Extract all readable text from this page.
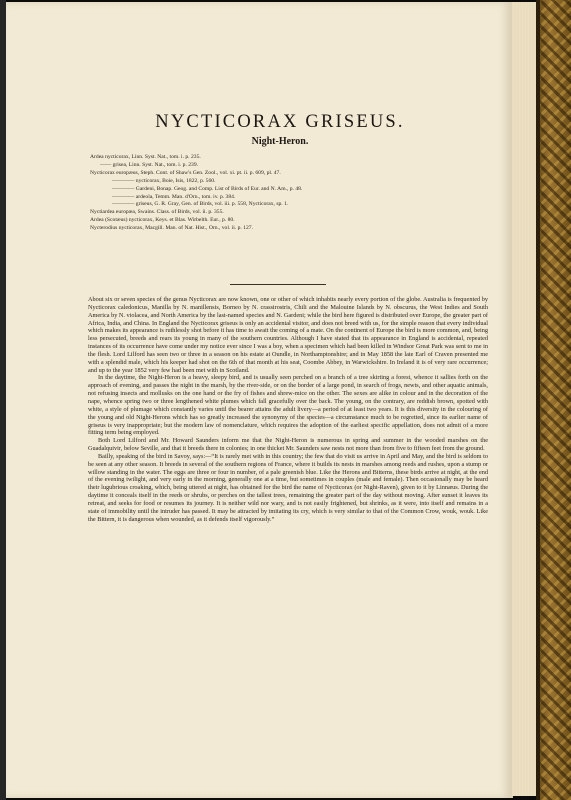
NYCTICORAX GRISEUS.
Night-Heron.
Ardea nycticorax, Linn. Syst. Nat., tom. i. p. 235.
—— grisea, Linn. Syst. Nat., tom. i. p. 239.
Nycticorax europæus, Steph. Cont. of Shaw's Gen. Zool., vol. xi. pt. ii. p. 609, pl. 47.
———— nycticorax, Boie, Isis, 1822, p. 560.
———— Gardeni, Bonap. Geog. and Comp. List of Birds of Eur. and N. Am., p. 48.
———— ardeola, Temm. Man. d'Orn., tom. iv. p. 384.
———— griseus, G. R. Gray, Gen. of Birds, vol. iii. p. 558, Nycticorax, sp. 1.
Nyctiardea europæa, Swains. Class. of Birds, vol. ii. p. 355.
Ardea (Scotæus) nycticorax, Keys. et Blas. Wirbelth. Eur., p. 80.
Nycterodius nycticorax, Macgill. Man. of Nat. Hist., Orn., vol. ii. p. 127.

About six or seven species of the genus Nycticorax are now known, one or other of which inhabits nearly every portion of the globe. Australia is frequented by Nycticorax caledonicus, Manilla by N. manillensis, Borneo by N. crassirostris, Chili and the Malouine Islands by N. obscurus, the West Indies and South America by N. violacea, and North America by the last-named species and N. Gardeni; while the bird here figured is distributed over Europe, the greater part of Africa, India, and China. In England the Nycticorax griseus is only an accidental visitor, and does not breed with us, for the simple reason that every individual which makes its appearance is ruthlessly shot before it has time to await the coming of a mate. On the continent of Europe the bird is more common, and, being less persecuted, breeds and rears its young in many of the southern countries. Although I have stated that its appearance in England is accidental, repeated instances of its occurrence have come under my notice ever since I was a boy, when a specimen which had been killed in Windsor Great Park was sent to me in the flesh. Lord Lilford has seen two or three in a season on his estate at Oundle, in Northamptonshire; and in May 1858 the late Earl of Craven presented me with a splendid male, which his keeper had shot on the 6th of that month at his seat, Coombe Abbey, in Warwickshire. In Ireland it is of very rare occurrence; and up to the year 1852 very few had been met with in Scotland.

In the daytime, the Night-Heron is a heavy, sleepy bird, and is usually seen perched on a branch of a tree skirting a forest, whence it sallies forth on the approach of evening, and passes the night in the marsh, by the river-side, or on the border of a large pond, in search of frogs, newts, and other aquatic animals, not refusing insects and mollusks on the one hand or the fry of fishes and shrew-mice on the other. The sexes are alike in colour and in the decoration of the nape, whence spring two or three lengthened white plumes which fall gracefully over the back. The young, on the contrary, are reddish brown, spotted with white, a style of plumage which constantly varies until the bearer attains the adult livery—a period of at least two years. It is this diversity in the colouring of the young and old Night-Herons which has so greatly increased the synonymy of the species—a circumstance much to be regretted, since its earlier name of griseus is very inappropriate; but the modern law of nomenclature, which requires the adoption of the earliest specific appellation, does not admit of a more fitting term being employed.

Both Lord Lilford and Mr. Howard Saunders inform me that the Night-Heron is numerous in spring and summer in the wooded marshes on the Guadalquivir, below Seville, and that it breeds there in colonies; in one thicket Mr. Saunders saw nests not more than from five to fifteen feet from the ground.

Bailly, speaking of the bird in Savoy, says:—“It is rarely met with in this country; the few that do visit us arrive in April and May, and the bird is seldom to be seen at any other season. It breeds in several of the southern regions of France, where it builds its nests in marshes among reeds and rushes, upon a stump or willow standing in the water. The eggs are three or four in number, of a pale greenish blue. Like the Herons and Bitterns, these birds arrive at night, at the end of the evening twilight, and very early in the morning, generally one at a time, but sometimes in couples (male and female). Then occasionally may be heard their lugubrious croaking, which, being uttered at night, has obtained for the bird the name of Nycticorax (or Night-Raven), given to it by Linnæus. During the daytime it conceals itself in the reeds or shrubs, or perches on the tallest trees, remaining the greater part of the day without moving. After sunset it leaves its retreat, and seeks for food or resumes its journey. It is neither wild nor wary, and is not easily frightened, but shrinks, as it were, into itself and remains in a state of immobility until the intruder has passed. It may be attracted by imitating its cry, which is very similar to that of the Common Crow, wouk, wouk. Like the Bittern, it is dangerous when wounded, as it defends itself vigorously.”
